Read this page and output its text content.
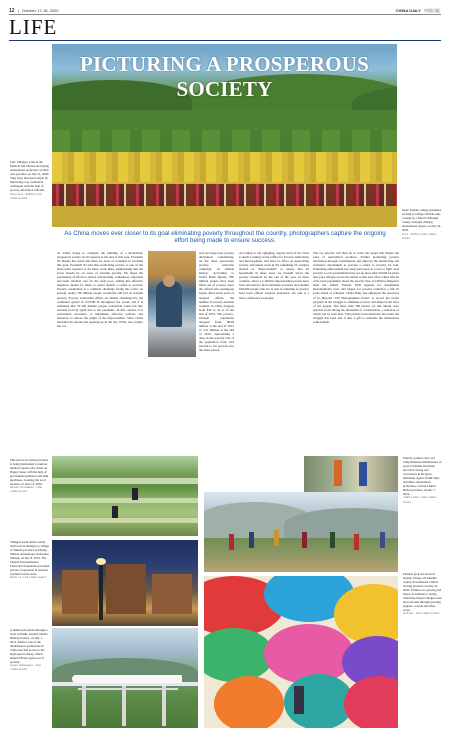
12 | October 17-18, 2020	CHINA DAILY 中国日报
LIFE
PICTURING A PROSPEROUS SOCIETY
Left: Villagers work in the fields in Ani Tibetan and Qiang autonomous prefecture on their own province on July 21, 2020. They have increased output by improving crop cultivation techniques with the help of poverty alleviation officials.
ZHAO KAI / XINHUA FOR CHINA DAILY
Inset: Female college graduates serving as village officials take a break by a field in Xihuang county, Guangxi Zhuang autonomous region, on July 24, 2020.
LI LI / XINHUA FOR CHINA DAILY
As China moves ever closer to its goal eliminating poverty throughout the country, photographers capture the ongoing effort being made to ensure success.
As China hopes to complete the building of a moderately prosperous society in all respects at the end of this year, President Xi Jinping has noted that there are areas of weakness in reaching this goal. President Xi said that eradicating poverty is one of the main tasks required to fix these weak links, emphasizing that the focus should be on areas of extreme poverty. He urged the prioritizing of efforts to ensure safe housing, compulsory education and basic medical care for the rural poor, adding that effective measures should be taken to guard against a return to poverty. Poverty eradication is a common challenge facing the world. At present, nearly 700 million people worldwide still live in extreme poverty. Poverty eradication efforts are further challenged by the continued spread of COVID-19 throughout the world, and it is estimated that 70-100 million people worldwide could fall into extreme poverty again due to the pandemic. In this context, it is particularly necessary to implement effective policies and measures to relieve the plight of the impoverished. Since China launched its reform and opening up in the late 1970s, the country has car-
ried out large-scale poverty alleviation, contributing, on the most spectacular poverty reduction campaign in human history. According to World Bank figures, 850 million people have been lifted out of poverty since the reform and opening-up began. After seven years of targeted efforts, the number of poverty-stricken counties in China dropped from 832 to 52 as of the end of 2019. The poverty-stricken population dropped from 98.99 million at the end of 2012 to 5.51 million at the end of 2019, representing a drop in the poverty rate of the population from 10.2 percent to 0.6 percent over the same period.
According to Ou Qingping, deputy head of the State Council Leading Group Office for Poverty Alleviation and Development, still have its effort on supervising poverty alleviation work in the remaining 52 counties labeled as "impoverished" to ensure that all households in these areas are brought above the poverty threshold by the end of the year. In these counties, about 1.2 million impoverished people have been relocated to more habitable locations and another 650,000 people who are at risk of returning to poverty have been offered targeted assistance, Ou said at a news conference in August.
The top priority will then be to solve the issues that hinder the sales of agricultural products. Further promoting poverty alleviation through consumption and improve the monitoring and assistance mechanism to prevent a return to poverty, he said. Promoting employment has long been used as a tool to fight rural poverty. Local governments have set up more than 30,000 factories near poor villages across the nation to that end. Once China lifts all of its rural population above the poverty line, it will have helped to meet the United Nations 2030 Agenda for Sustainable Development's goal, and targets for poverty reduction a full 10 years ahead of schedule. China Daily has employed the resources of its Beyond "100 Photographers Event" to record the recent progress in the struggle to eliminate poverty and improve the lives of the people. The more than 300 photos for this album were selected from among the thousands of contributions, a selection of which can be seen here. This picture book illustrates how hard the struggle has been and is also a gift to celebrate the momentous achievement.
This terrace in Gansu province is being maintained to nurture medical experts who dwelt on Happy Street with the help of government guidance and bulk purchases, boosting the local income, on June 14, 2020.
ZHANG XIAOMING / FOR CHINA DAILY
Villagers stroll amid a newly built road in Shangri-La village of Yunnan province in Diqing Tibetan autonomous prefecture, Yunnan, on Dec 8, 2019. The Tibetan Environmental Protection Foundation provided private cooperation in pastoral tourism in rural areas.
ZHOU LI / FOR CHINA DAILY
A bullet train passes through a town in Enshi, Central China's Hubei province, on July 1, 2014. Enshi is one of the mountainous prefectures in China that had access to the high-speed railway, which helped lift the region out of poverty.
WANG HONGQING / FOR CHINA DAILY
Elderly workers carry out comprehensive maintenance of power facilities and home electrical wiring and accessories in Di Qiwu Mountain region, Enshi Tujia and Miao autonomous prefecture, Central China's Hubei province, on Dec 7, 2019.
CHEN LIHUA / FOR CHINA DAILY
Farmers pick red beans in Xichuo village of Lhundub county in Southwest China's Xizang province on July 25, 2020. Farmers are growing red beans, in addition to barley, which has helped villagers earn more income through growing peppers, cereals and other crops.
HAN XU / FOR CHINA DAILY
